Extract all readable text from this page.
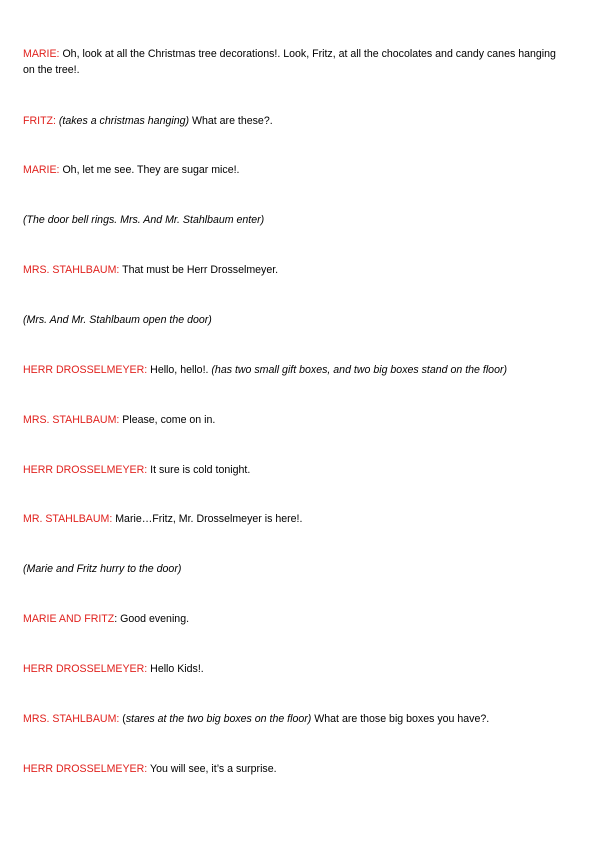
MARIE: Oh, look at all the Christmas tree decorations!. Look, Fritz, at all the chocolates and candy canes hanging on the tree!.

FRITZ: (takes a christmas hanging) What are these?.

MARIE: Oh, let me see. They are sugar mice!.

(The door bell rings. Mrs. And Mr. Stahlbaum enter)

MRS. STAHLBAUM: That must be Herr Drosselmeyer.

(Mrs. And Mr. Stahlbaum open the door)

HERR DROSSELMEYER: Hello, hello!. (has two small gift boxes, and two big boxes stand on the floor)

MRS. STAHLBAUM: Please, come on in.

HERR DROSSELMEYER: It sure is cold tonight.

MR. STAHLBAUM: Marie…Fritz, Mr. Drosselmeyer is here!.

(Marie and Fritz hurry to the door)

MARIE AND FRITZ: Good evening.

HERR DROSSELMEYER: Hello Kids!.

MRS. STAHLBAUM: (stares at the two big boxes on the floor) What are those big boxes you have?.

HERR DROSSELMEYER: You will see, it’s a surprise.
